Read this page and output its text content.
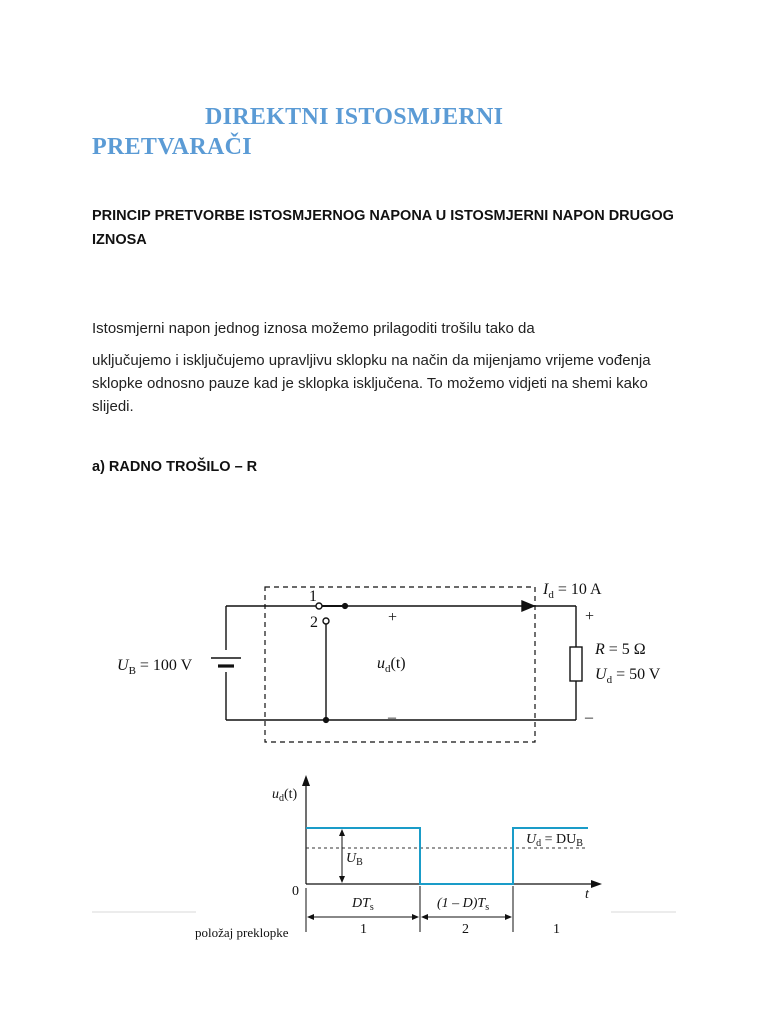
DIREKTNI ISTOSMJERNI
PRETVARAČI

PRINCIP PRETVORBE ISTOSMJERNOG NAPONA U ISTOSMJERNI NAPON DRUGOG IZNOSA

Istosmjerni napon jednog iznosa možemo prilagoditi trošilu tako da

uključujemo i isključujemo upravljivu sklopku na način da mijenjamo vrijeme vođenja sklopke odnosno pauze kad je sklopka isključena. To možemo vidjeti na shemi kako slijedi.

a) RADNO TROŠILO – R

$U_B = 100$ V
1
2	+
–
$u_d(t)$
$I_d = 10$ A
+
R = 5 Ω
$U_d = 50$ V
–
$u_d(t)$
$U_B$
$U_d = DU_B$
0	t
$DT_s$	$(1 - D)T_s$
položaj preklopke	1	2	1
